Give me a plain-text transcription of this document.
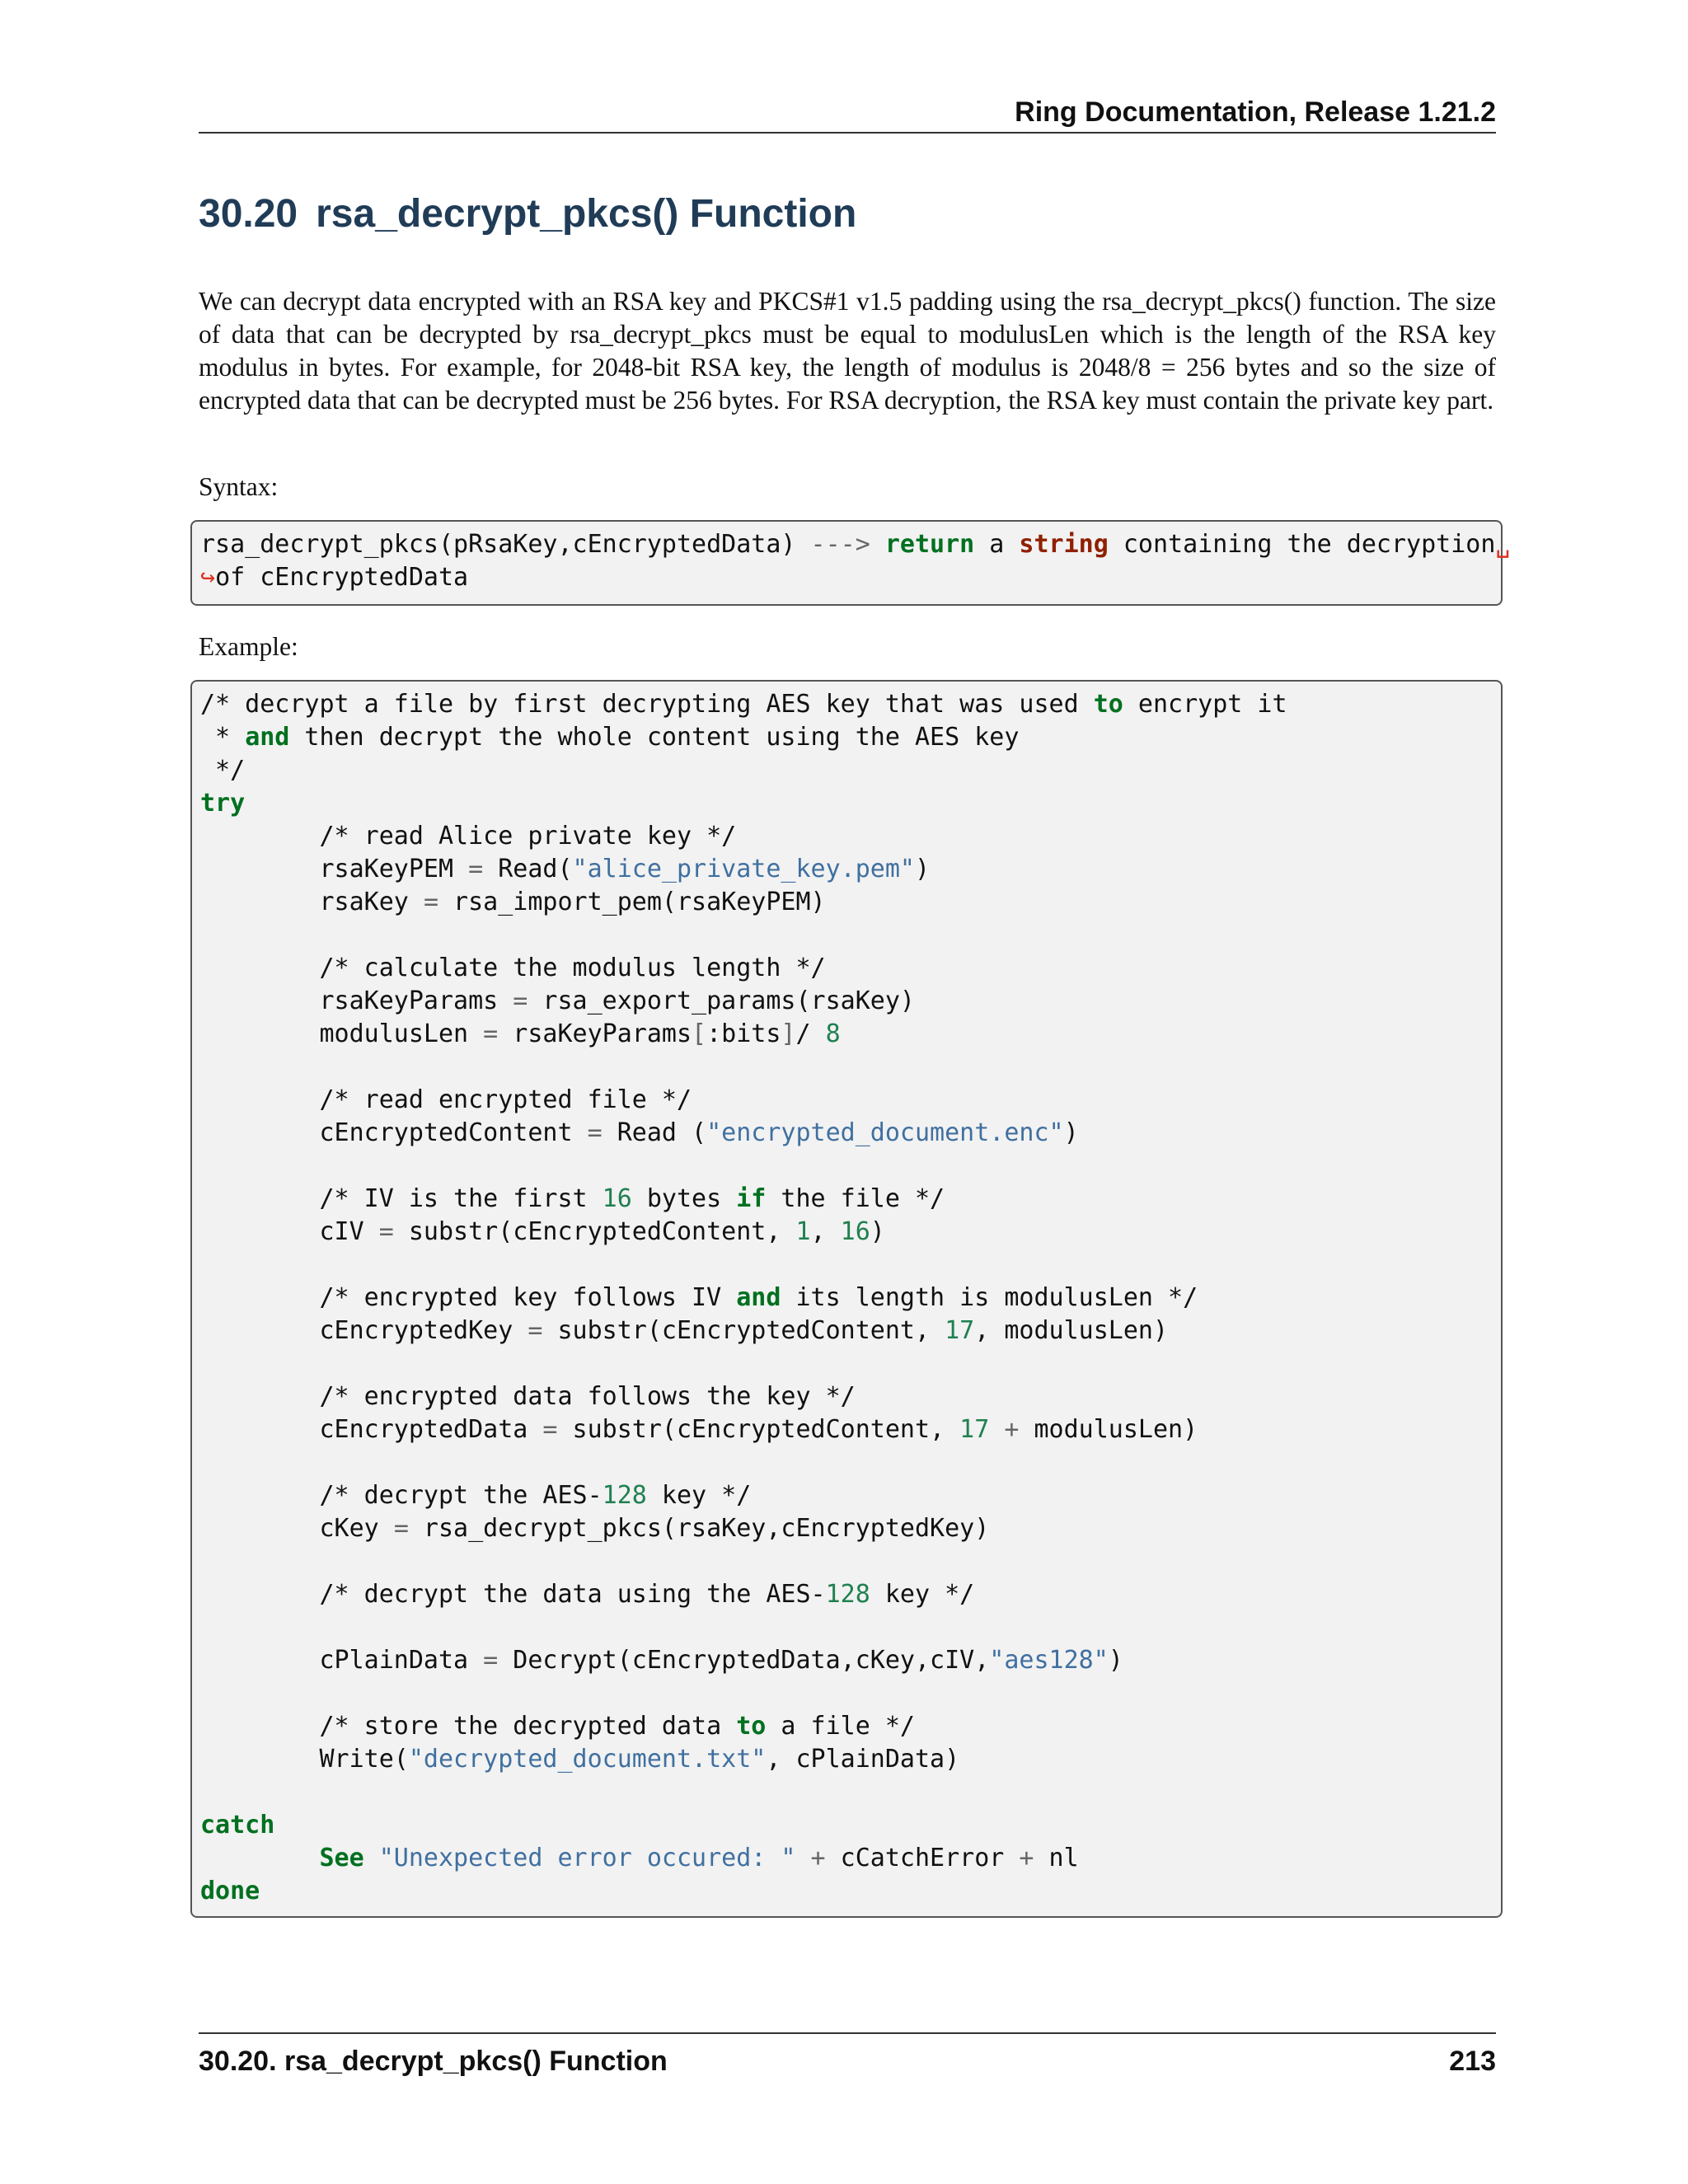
Ring Documentation, Release 1.21.2
30.20 rsa_decrypt_pkcs() Function

We can decrypt data encrypted with an RSA key and PKCS#1 v1.5 padding using the rsa_decrypt_pkcs() function. The size of data that can be decrypted by rsa_decrypt_pkcs must be equal to modulusLen which is the length of the RSA key modulus in bytes. For example, for 2048-bit RSA key, the length of modulus is 2048/8 = 256 bytes and so the size of encrypted data that can be decrypted must be 256 bytes. For RSA decryption, the RSA key must contain the private key part.

Syntax:

rsa_decrypt_pkcs(pRsaKey,cEncryptedData) ---> return a string containing the decryption␣
↪of cEncryptedData

Example:

/* decrypt a file by first decrypting AES key that was used to encrypt it
* and then decrypt the whole content using the AES key
*/
try
/* read Alice private key */
rsaKeyPEM = Read("alice_private_key.pem")
rsaKey = rsa_import_pem(rsaKeyPEM)
/* calculate the modulus length */
rsaKeyParams = rsa_export_params(rsaKey)
modulusLen = rsaKeyParams[:bits]/ 8
/* read encrypted file */
cEncryptedContent = Read ("encrypted_document.enc")
/* IV is the first 16 bytes if the file */
cIV = substr(cEncryptedContent, 1, 16)
/* encrypted key follows IV and its length is modulusLen */
cEncryptedKey = substr(cEncryptedContent, 17, modulusLen)
/* encrypted data follows the key */
cEncryptedData = substr(cEncryptedContent, 17 + modulusLen)
/* decrypt the AES-128 key */
cKey = rsa_decrypt_pkcs(rsaKey,cEncryptedKey)
/* decrypt the data using the AES-128 key */
cPlainData = Decrypt(cEncryptedData,cKey,cIV,"aes128")
/* store the decrypted data to a file */
Write("decrypted_document.txt", cPlainData)
catch
See "Unexpected error occured: " + cCatchError + nl
done
30.20. rsa_decrypt_pkcs() Function	213
